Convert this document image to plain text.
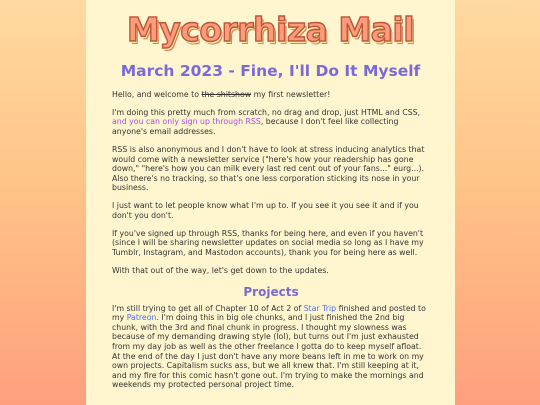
Mycorrhiza Mail
March 2023 - Fine, I'll Do It Myself

Hello, and welcome to the shitshow my first newsletter!

I'm doing this pretty much from scratch, no drag and drop, just HTML and CSS, and you can only sign up through RSS, because I don't feel like collecting anyone's email addresses.

RSS is also anonymous and I don't have to look at stress inducing analytics that would come with a newsletter service ("here's how your readership has gone down," "here's how you can milk every last red cent out of your fans..." eurg...). Also there's no tracking, so that's one less corporation sticking its nose in your business.

I just want to let people know what I'm up to. If you see it you see it and if you don't you don't.

If you've signed up through RSS, thanks for being here, and even if you haven't (since I will be sharing newsletter updates on social media so long as I have my Tumblr, Instagram, and Mastodon accounts), thank you for being here as well.

With that out of the way, let's get down to the updates.

Projects

I'm still trying to get all of Chapter 10 of Act 2 of Star Trip finished and posted to my Patreon. I'm doing this in big ole chunks, and I just finished the 2nd big chunk, with the 3rd and final chunk in progress. I thought my slowness was because of my demanding drawing style (lol), but turns out I'm just exhausted from my day job as well as the other freelance I gotta do to keep myself afloat. At the end of the day I just don't have any more beans left in me to work on my own projects. Capitalism sucks ass, but we all knew that. I'm still keeping at it, and my fire for this comic hasn't gone out. I'm trying to make the mornings and weekends my protected personal project time.
